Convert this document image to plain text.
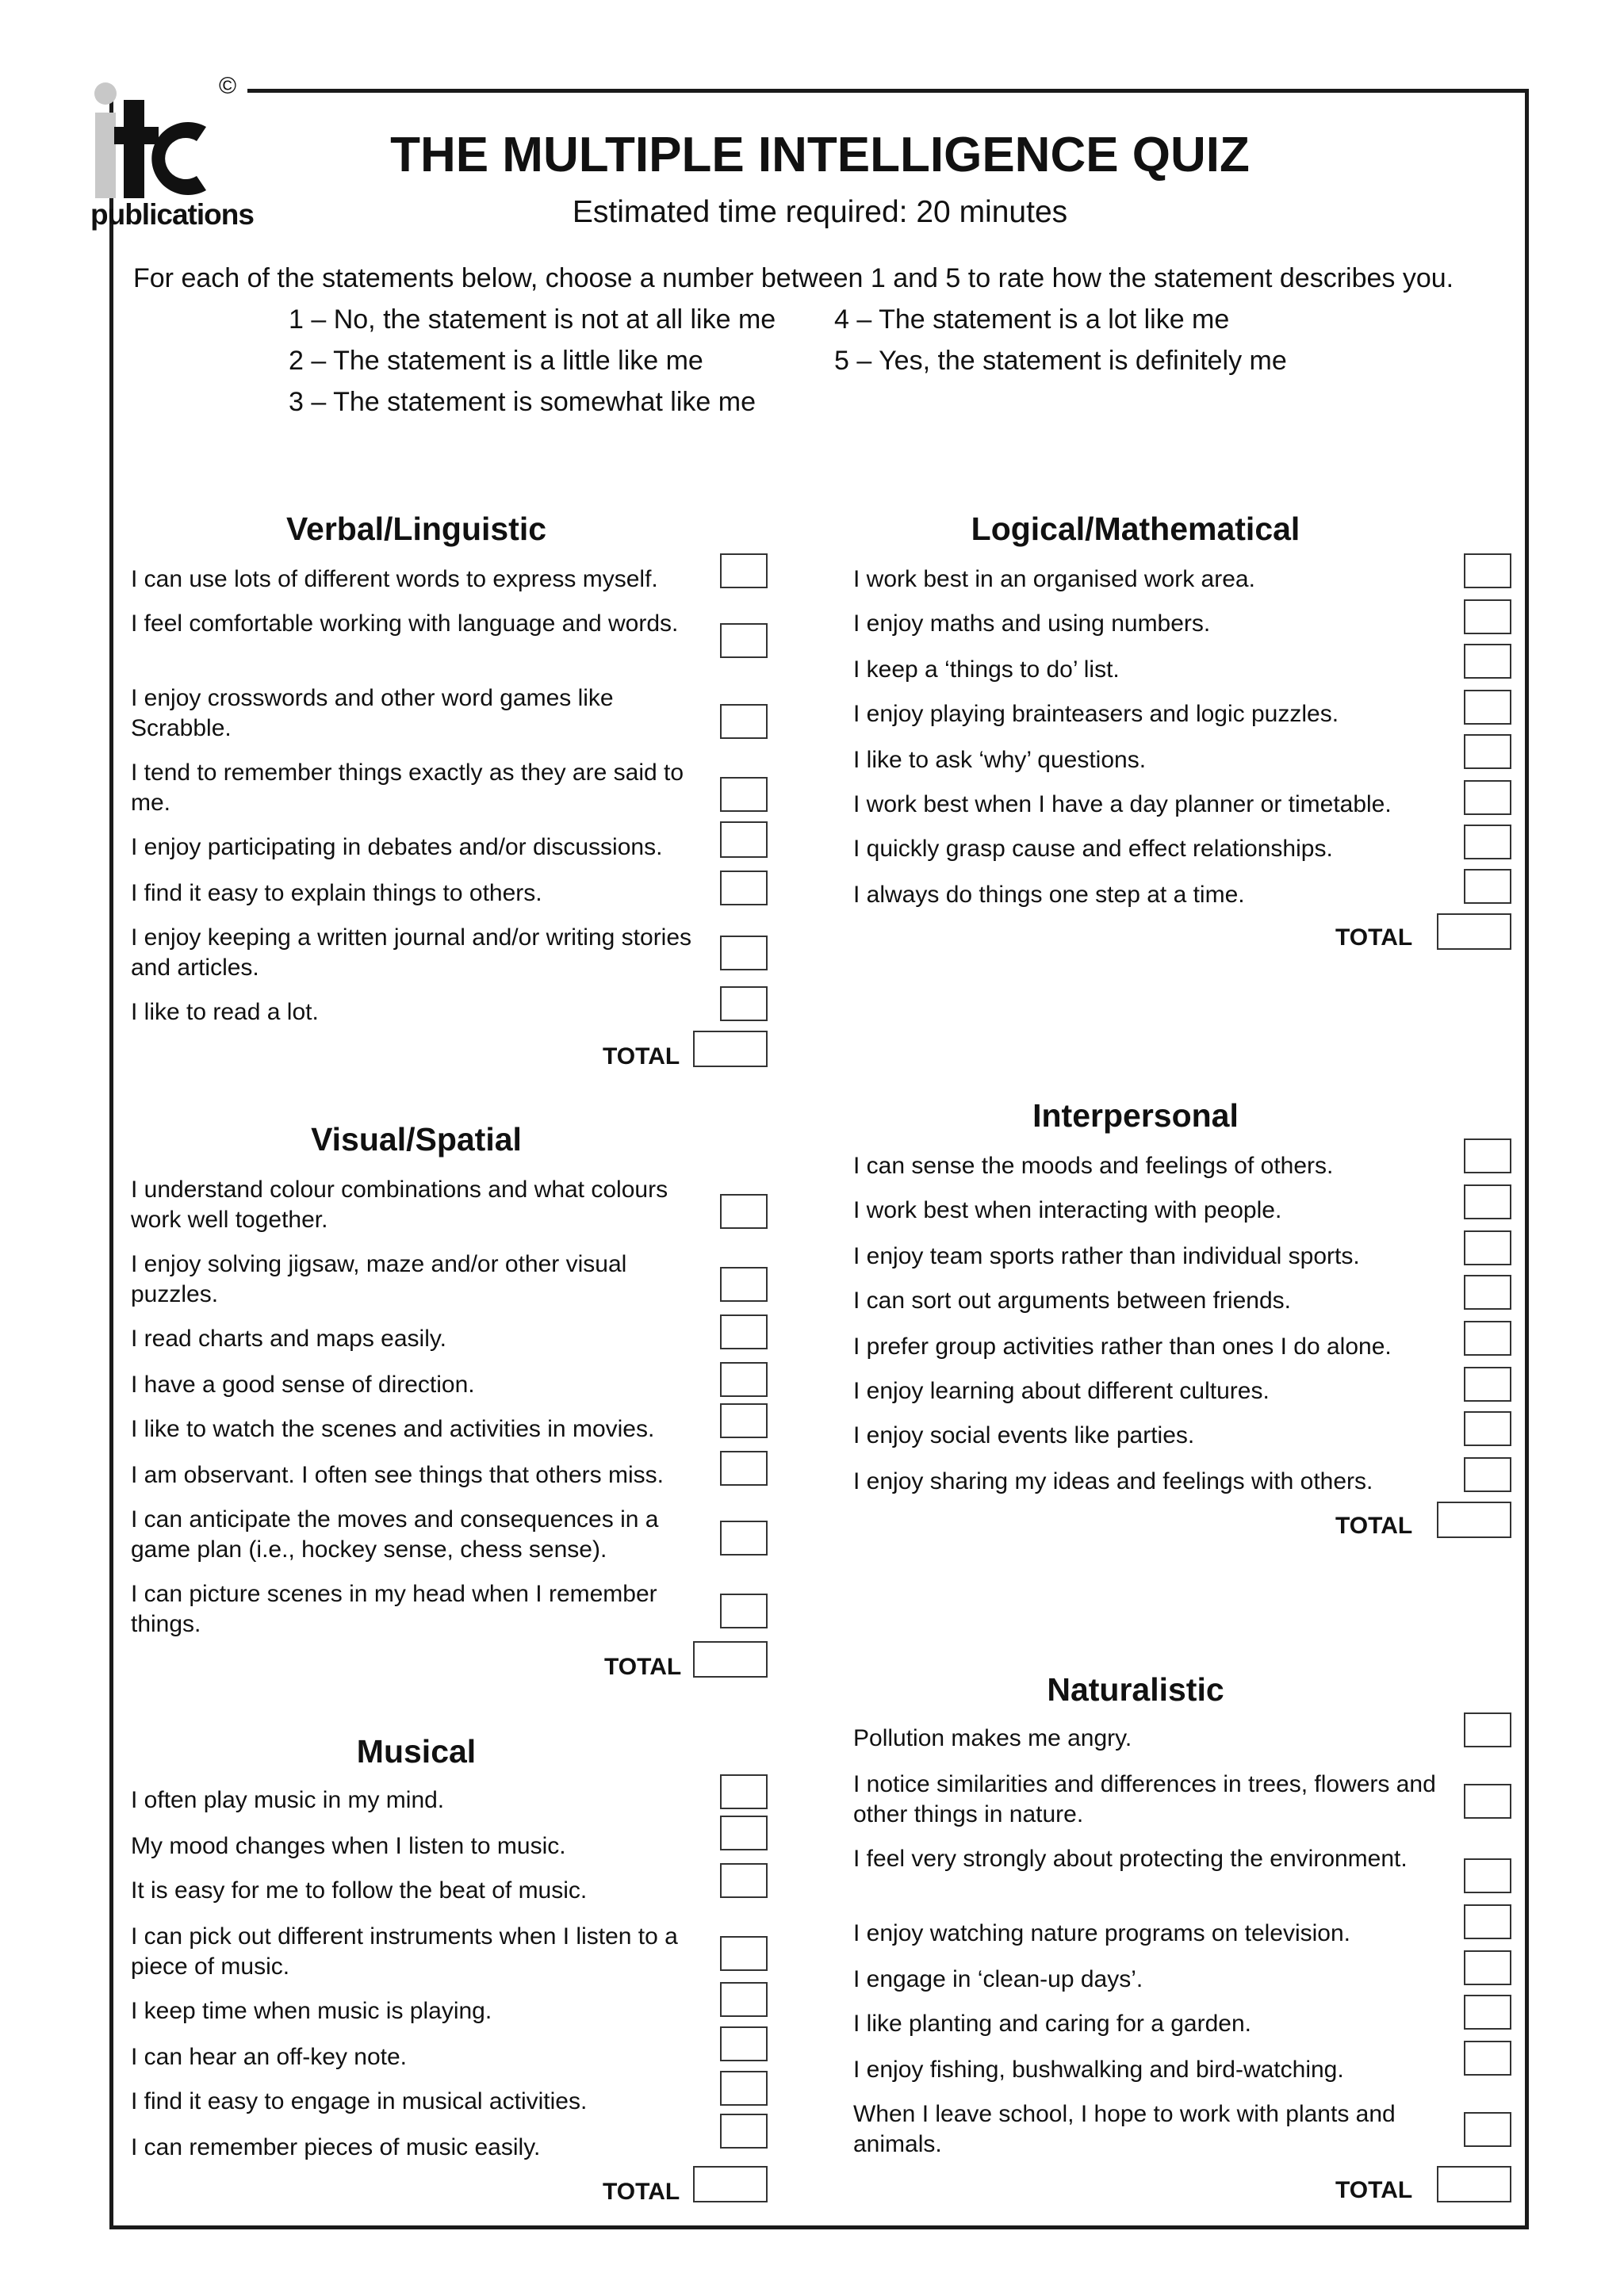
publications
©
THE MULTIPLE INTELLIGENCE QUIZ
Estimated time required: 20 minutes
For each of the statements below, choose a number between 1 and 5 to rate how the statement describes you.
1 – No, the statement is not at all like me
2 – The statement is a little like me
3 – The statement is somewhat like me
4 – The statement is a lot like me
5 – Yes, the statement is definitely me
Verbal/Linguistic
I can use lots of different words to express myself.
I feel comfortable working with language and words.
I enjoy crosswords and other word games like Scrabble.
I tend to remember things exactly as they are said to me.
I enjoy participating in debates and/or discussions.
I find it easy to explain things to others.
I enjoy keeping a written journal and/or writing stories and articles.
I like to read a lot.
TOTAL
Logical/Mathematical
I work best in an organised work area.
I enjoy maths and using numbers.
I keep a ‘things to do’ list.
I enjoy playing brainteasers and logic puzzles.
I like to ask ‘why’ questions.
I work best when I have a day planner or timetable.
I quickly grasp cause and effect relationships.
I always do things one step at a time.
TOTAL
Visual/Spatial
I understand colour combinations and what colours work well together.
I enjoy solving jigsaw, maze and/or other visual puzzles.
I read charts and maps easily.
I have a good sense of direction.
I like to watch the scenes and activities in movies.
I am observant. I often see things that others miss.
I can anticipate the moves and consequences in a game plan (i.e., hockey sense, chess sense).
I can picture scenes in my head when I remember things.
TOTAL
Interpersonal
I can sense the moods and feelings of others.
I work best when interacting with people.
I enjoy team sports rather than individual sports.
I can sort out arguments between friends.
I prefer group activities rather than ones I do alone.
I enjoy learning about different cultures.
I enjoy social events like parties.
I enjoy sharing my ideas and feelings with others.
TOTAL
Musical
I often play music in my mind.
My mood changes when I listen to music.
It is easy for me to follow the beat of music.
I can pick out different instruments when I listen to a piece of music.
I keep time when music is playing.
I can hear an off-key note.
I find it easy to engage in musical activities.
I can remember pieces of music easily.
TOTAL
Naturalistic
Pollution makes me angry.
I notice similarities and differences in trees, flowers and other things in nature.
I feel very strongly about protecting the environment.
I enjoy watching nature programs on television.
I engage in ‘clean-up days’.
I like planting and caring for a garden.
I enjoy fishing, bushwalking and bird-watching.
When I leave school, I hope to work with plants and animals.
TOTAL
